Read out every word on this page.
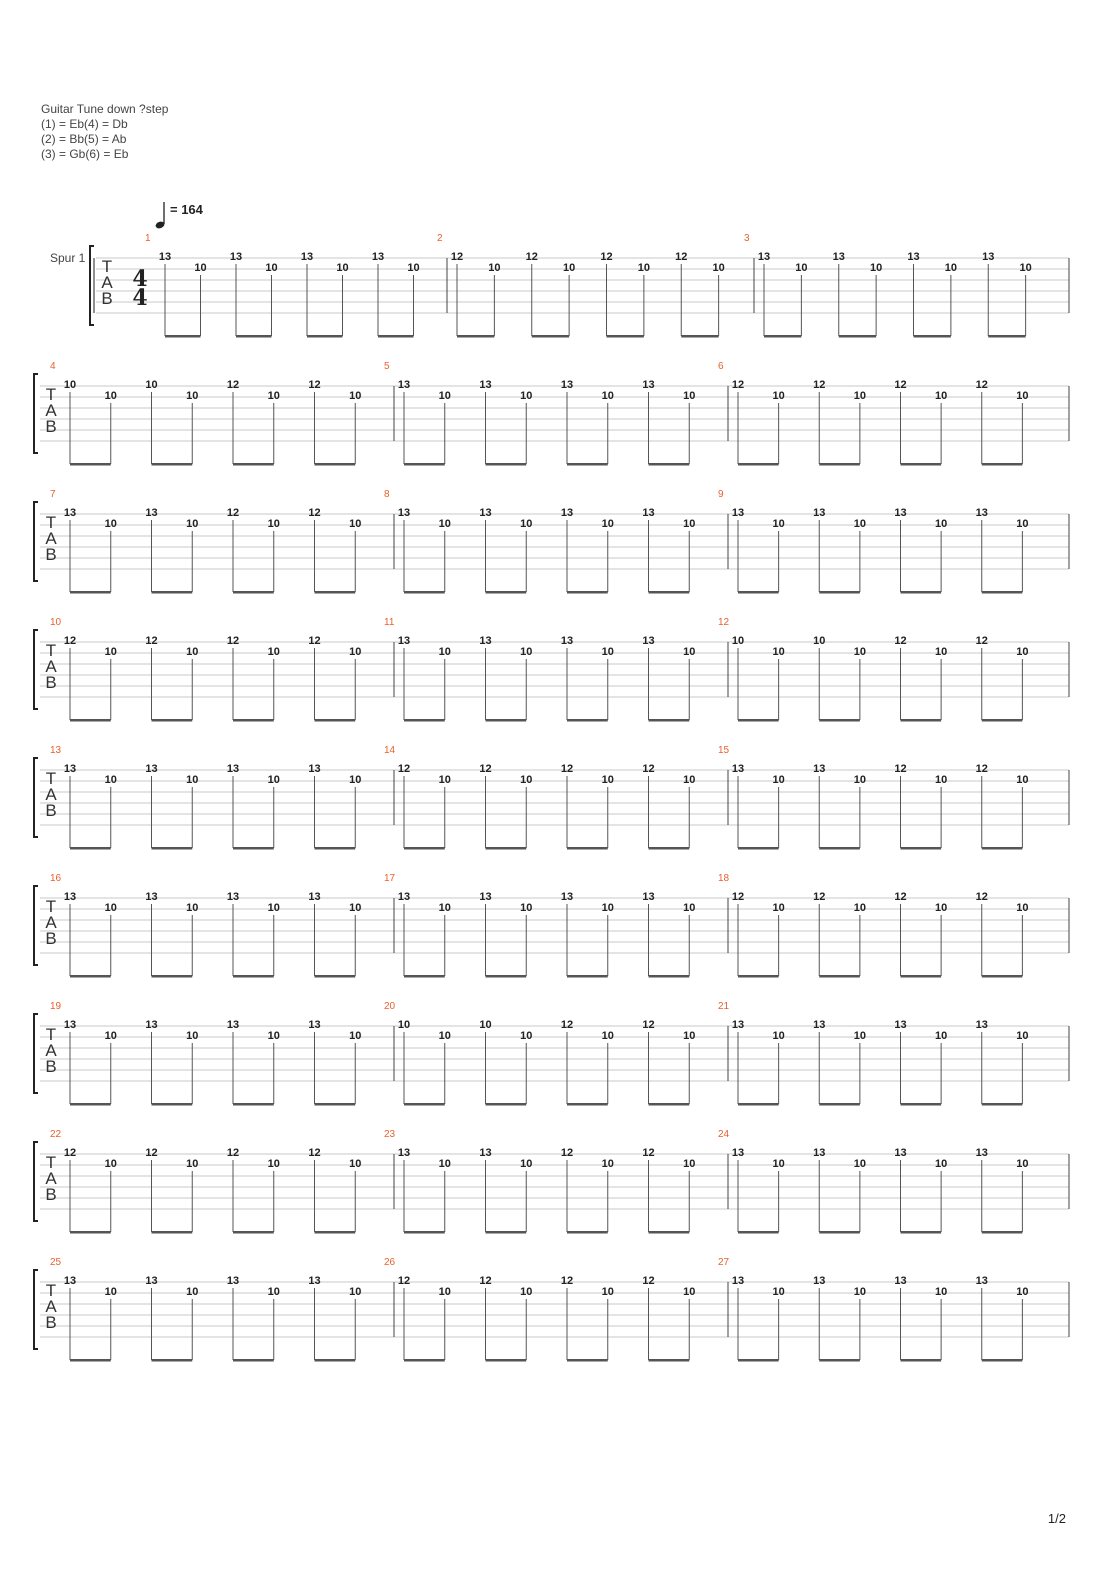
Guitar Tune down ?step
(1) = Eb(4) = Db
(2) = Bb(5) = Ab
(3) = Gb(6) = Eb
T
A
B
= 164
Spur 1
4
4
1
13
10
13
10
13
10
13
10
2
12
10
12
10
12
10
12
10
3
13
10
13
10
13
10
13
10
T
A
B
4
10
10
10
10
12
10
12
10
5
13
10
13
10
13
10
13
10
6
12
10
12
10
12
10
12
10
T
A
B
7
13
10
13
10
12
10
12
10
8
13
10
13
10
13
10
13
10
9
13
10
13
10
13
10
13
10
T
A
B
10
12
10
12
10
12
10
12
10
11
13
10
13
10
13
10
13
10
12
10
10
10
10
12
10
12
10
T
A
B
13
13
10
13
10
13
10
13
10
14
12
10
12
10
12
10
12
10
15
13
10
13
10
12
10
12
10
T
A
B
16
13
10
13
10
13
10
13
10
17
13
10
13
10
13
10
13
10
18
12
10
12
10
12
10
12
10
T
A
B
19
13
10
13
10
13
10
13
10
20
10
10
10
10
12
10
12
10
21
13
10
13
10
13
10
13
10
T
A
B
22
12
10
12
10
12
10
12
10
23
13
10
13
10
12
10
12
10
24
13
10
13
10
13
10
13
10
T
A
B
25
13
10
13
10
13
10
13
10
26
12
10
12
10
12
10
12
10
27
13
10
13
10
13
10
13
10
1/2
